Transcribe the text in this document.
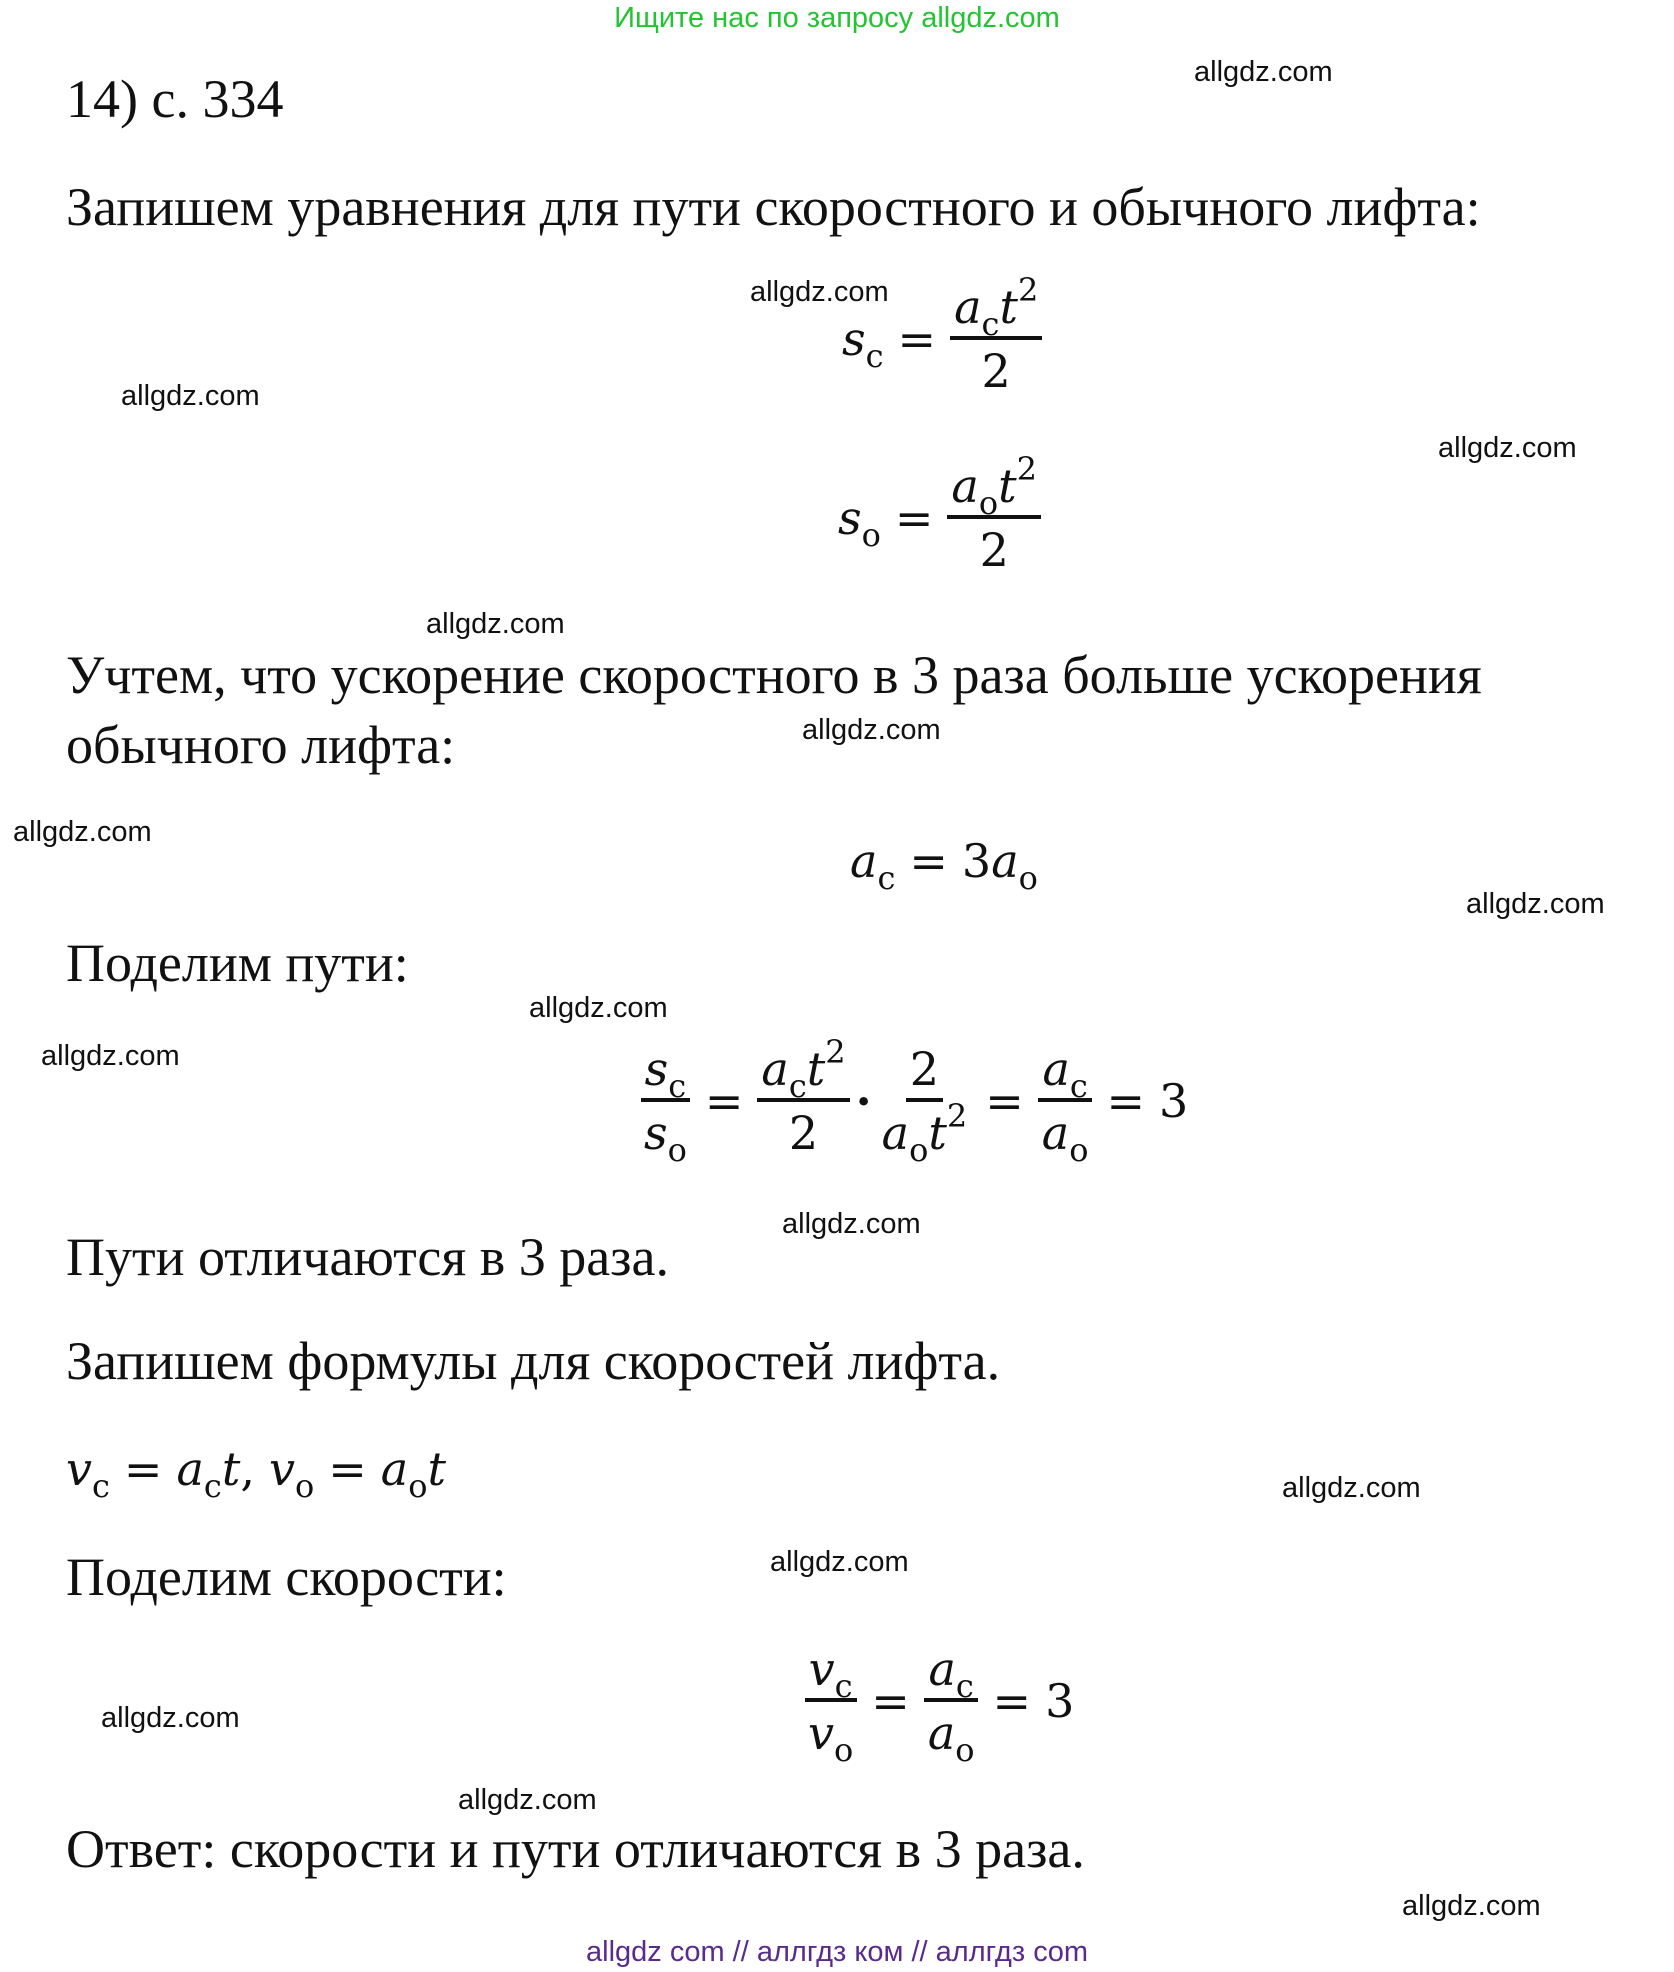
Ищите нас по запросу allgdz.com
14) с. 334
Запишем уравнения для пути скоростного и обычного лифта:
$s_с = \frac{a_сt^2}{2}$
$s_о = \frac{a_оt^2}{2}$
Учтем, что ускорение скоростного в 3 раза больше ускорения
обычного лифта:
$a_с = 3$ $a_о$
Поделим пути:
$\frac{s_с}{s_о} = \frac{a_сt^2}{2} \cdot \frac{2}{a_оt^2} = \frac{a_с}{a_о} = 3$
Пути отличаются в 3 раза.
Запишем формулы для скоростей лифта.
$v_с = a_сt$ , $v_о = a_оt$
Поделим скорости:
$\frac{v_с}{v_о} = \frac{a_с}{a_о} = 3$
Ответ: скорости и пути отличаются в 3 раза.
allgdz.com
allgdz.com
allgdz.com
allgdz.com
allgdz.com
allgdz.com
allgdz.com
allgdz.com
allgdz.com
allgdz.com
allgdz.com
allgdz.com
allgdz.com
allgdz.com
allgdz.com
allgdz.com
allgdz com // аллгдз ком // аллгдз com
